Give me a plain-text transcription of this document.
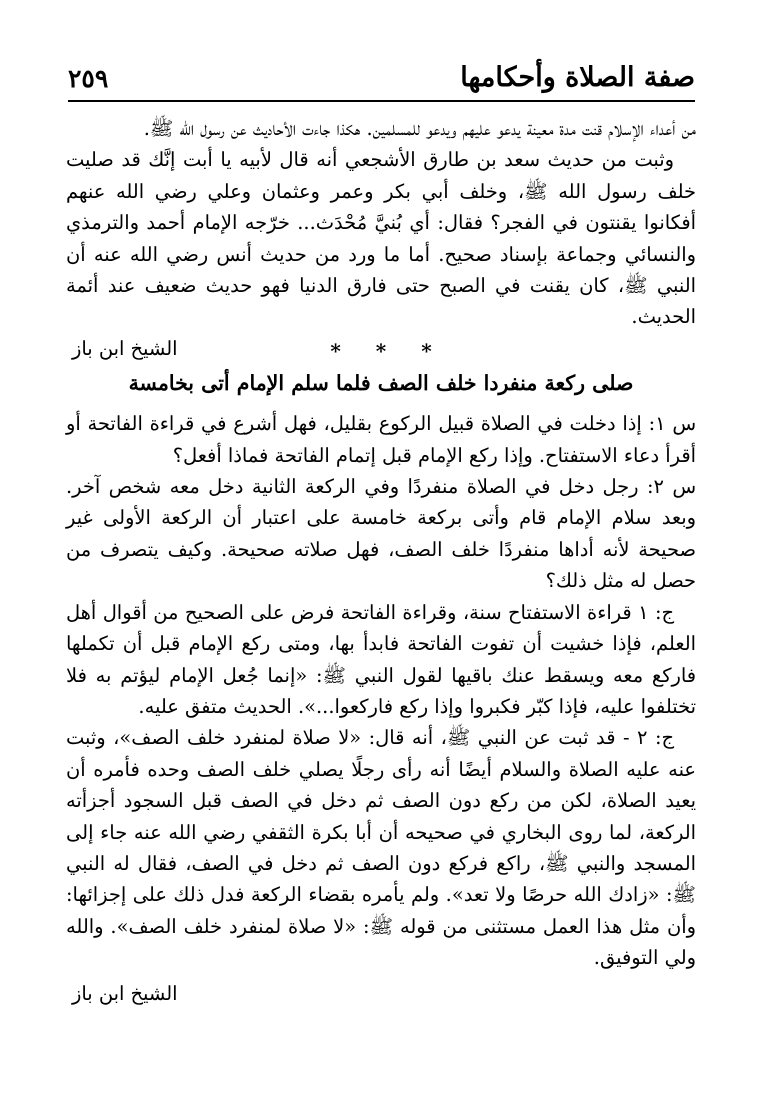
صفة الصلاة وأحكامها
٢٥٩

من أعداء الإسلام قنت مدة معينة يدعو عليهم ويدعو للمسلمين. هكذا جاءت الأحاديث عن رسول الله ﷺ.

وثبت من حديث سعد بن طارق الأشجعي أنه قال لأبيه يا أبت إنَّك قد صليت خلف رسول الله ﷺ، وخلف أبي بكر وعمر وعثمان وعلي رضي الله عنهم أفكانوا يقنتون في الفجر؟ فقال: أي بُنيَّ مُحْدَث... خرّجه الإمام أحمد والترمذي والنسائي وجماعة بإسناد صحيح. أما ما ورد من حديث أنس رضي الله عنه أن النبي ﷺ، كان يقنت في الصبح حتى فارق الدنيا فهو حديث ضعيف عند أئمة الحديث.

الشيخ ابن باز	* * *
صلى ركعة منفردا خلف الصف فلما سلم الإمام أتى بخامسة

س ١: إذا دخلت في الصلاة قبيل الركوع بقليل، فهل أشرع في قراءة الفاتحة أو أقرأ دعاء الاستفتاح. وإذا ركع الإمام قبل إتمام الفاتحة فماذا أفعل؟

س ٢: رجل دخل في الصلاة منفردًا وفي الركعة الثانية دخل معه شخص آخر. وبعد سلام الإمام قام وأتى بركعة خامسة على اعتبار أن الركعة الأولى غير صحيحة لأنه أداها منفردًا خلف الصف، فهل صلاته صحيحة. وكيف يتصرف من حصل له مثل ذلك؟

ج: ١ قراءة الاستفتاح سنة، وقراءة الفاتحة فرض على الصحيح من أقوال أهل العلم، فإذا خشيت أن تفوت الفاتحة فابدأ بها، ومتى ركع الإمام قبل أن تكملها فاركع معه ويسقط عنك باقيها لقول النبي ﷺ: «إنما جُعل الإمام ليؤتم به فلا تختلفوا عليه، فإذا كبّر فكبروا وإذا ركع فاركعوا...». الحديث متفق عليه.

ج: ٢ - قد ثبت عن النبي ﷺ، أنه قال: «لا صلاة لمنفرد خلف الصف»، وثبت عنه عليه الصلاة والسلام أيضًا أنه رأى رجلًا يصلي خلف الصف وحده فأمره أن يعيد الصلاة، لكن من ركع دون الصف ثم دخل في الصف قبل السجود أجزأته الركعة، لما روى البخاري في صحيحه أن أبا بكرة الثقفي رضي الله عنه جاء إلى المسجد والنبي ﷺ، راكع فركع دون الصف ثم دخل في الصف، فقال له النبي ﷺ: «زادك الله حرصًا ولا تعد». ولم يأمره بقضاء الركعة فدل ذلك على إجزائها: وأن مثل هذا العمل مستثنى من قوله ﷺ: «لا صلاة لمنفرد خلف الصف». والله ولي التوفيق.

الشيخ ابن باز
